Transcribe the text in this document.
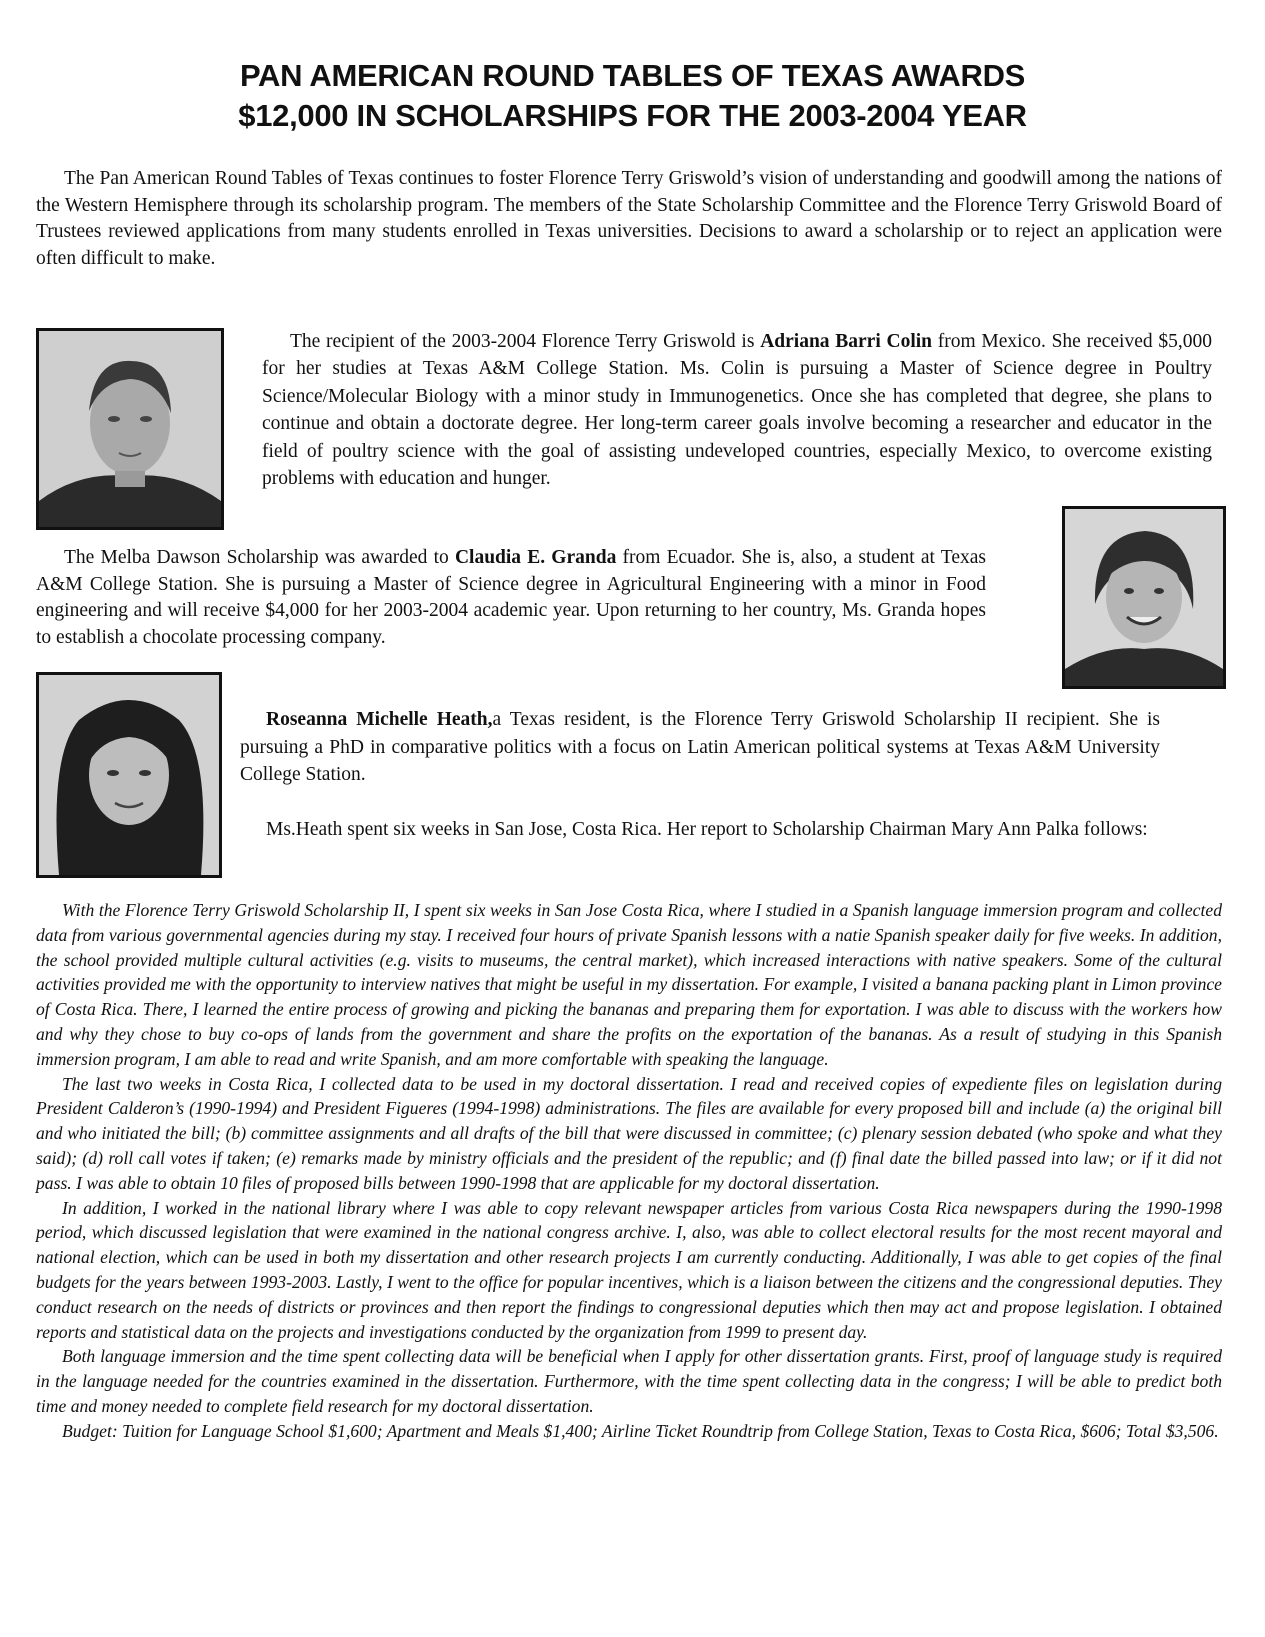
PAN AMERICAN ROUND TABLES OF TEXAS AWARDS
$12,000 IN SCHOLARSHIPS FOR THE 2003-2004 YEAR

The Pan American Round Tables of Texas continues to foster Florence Terry Griswold’s vision of understanding and goodwill among the nations of the Western Hemisphere through its scholarship program. The members of the State Scholarship Committee and the Florence Terry Griswold Board of Trustees reviewed applications from many students enrolled in Texas universities. Decisions to award a scholarship or to reject an application were often difficult to make.

The recipient of the 2003-2004 Florence Terry Griswold is Adriana Barri Colin from Mexico. She received $5,000 for her studies at Texas A&M College Station. Ms. Colin is pursuing a Master of Science degree in Poultry Science/Molecular Biology with a minor study in Immunogenetics. Once she has completed that degree, she plans to continue and obtain a doctorate degree. Her long-term career goals involve becoming a researcher and educator in the field of poultry science with the goal of assisting undeveloped countries, especially Mexico, to overcome existing problems with education and hunger.

The Melba Dawson Scholarship was awarded to Claudia E. Granda from Ecuador. She is, also, a student at Texas A&M College Station. She is pursuing a Master of Science degree in Agricultural Engineering with a minor in Food engineering and will receive $4,000 for her 2003-2004 academic year. Upon returning to her country, Ms. Granda hopes to establish a chocolate processing company.

Roseanna Michelle Heath,a Texas resident, is the Florence Terry Griswold Scholarship II recipient. She is pursuing a PhD in comparative politics with a focus on Latin American political systems at Texas A&M University College Station.

Ms.Heath spent six weeks in San Jose, Costa Rica. Her report to Scholarship Chairman Mary Ann Palka follows:

With the Florence Terry Griswold Scholarship II, I spent six weeks in San Jose Costa Rica, where I studied in a Spanish language immersion program and collected data from various governmental agencies during my stay. I received four hours of private Spanish lessons with a natie Spanish speaker daily for five weeks. In addition, the school provided multiple cultural activities (e.g. visits to museums, the central market), which increased interactions with native speakers. Some of the cultural activities provided me with the opportunity to interview natives that might be useful in my dissertation. For example, I visited a banana packing plant in Limon province of Costa Rica. There, I learned the entire process of growing and picking the bananas and preparing them for exportation. I was able to discuss with the workers how and why they chose to buy co-ops of lands from the government and share the profits on the exportation of the bananas. As a result of studying in this Spanish immersion program, I am able to read and write Spanish, and am more comfortable with speaking the language.

The last two weeks in Costa Rica, I collected data to be used in my doctoral dissertation. I read and received copies of expediente files on legislation during President Calderon’s (1990-1994) and President Figueres (1994-1998) administrations. The files are available for every proposed bill and include (a) the original bill and who initiated the bill; (b) committee assignments and all drafts of the bill that were discussed in committee; (c) plenary session debated (who spoke and what they said); (d) roll call votes if taken; (e) remarks made by ministry officials and the president of the republic; and (f) final date the billed passed into law; or if it did not pass. I was able to obtain 10 files of proposed bills between 1990-1998 that are applicable for my doctoral dissertation.

In addition, I worked in the national library where I was able to copy relevant newspaper articles from various Costa Rica newspapers during the 1990-1998 period, which discussed legislation that were examined in the national congress archive. I, also, was able to collect electoral results for the most recent mayoral and national election, which can be used in both my dissertation and other research projects I am currently conducting. Additionally, I was able to get copies of the final budgets for the years between 1993-2003. Lastly, I went to the office for popular incentives, which is a liaison between the citizens and the congressional deputies. They conduct research on the needs of districts or provinces and then report the findings to congressional deputies which then may act and propose legislation. I obtained reports and statistical data on the projects and investigations conducted by the organization from 1999 to present day.

Both language immersion and the time spent collecting data will be beneficial when I apply for other dissertation grants. First, proof of language study is required in the language needed for the countries examined in the dissertation. Furthermore, with the time spent collecting data in the congress; I will be able to predict both time and money needed to complete field research for my doctoral dissertation.

Budget: Tuition for Language School $1,600; Apartment and Meals $1,400; Airline Ticket Roundtrip from College Station, Texas to Costa Rica, $606; Total $3,506.
